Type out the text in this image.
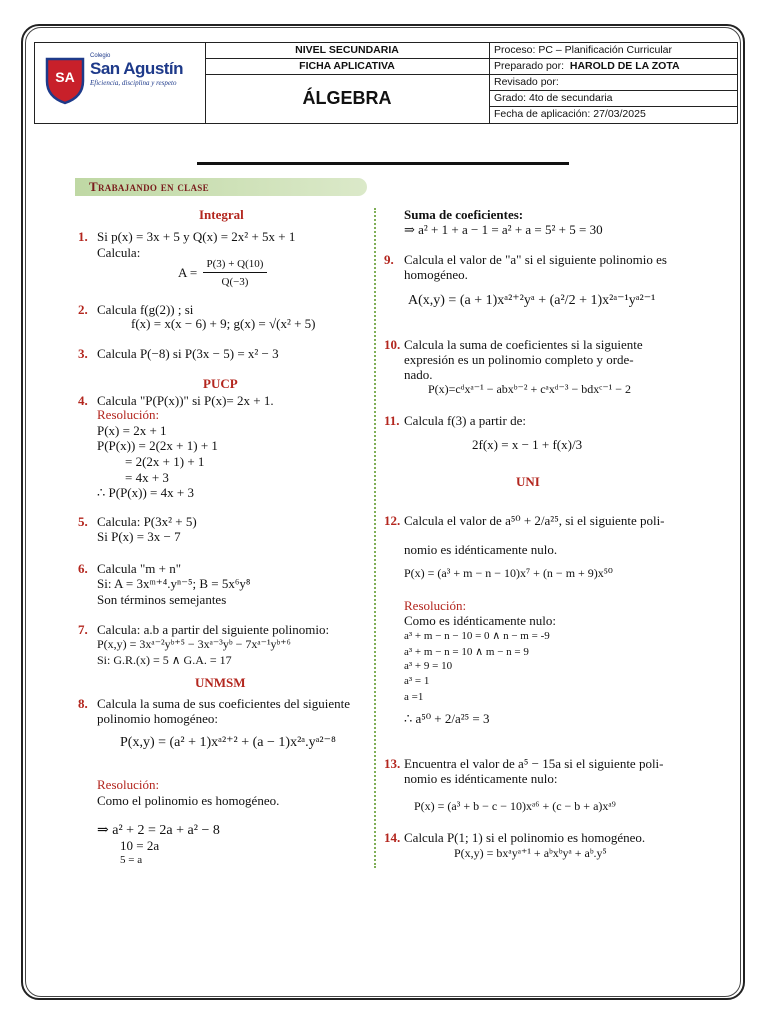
SA
Colegio
San Agustín
Eficiencia, disciplina y respeto
NIVEL SECUNDARIA
FICHA APLICATIVA
ÁLGEBRA
Proceso: PC – Planificación Curricular
Preparado por: HAROLD DE LA ZOTA
Revisado por:
Grado: 4to de secundaria
Fecha de aplicación: 27/03/2025
Trabajando en clase
Integral
1. Si p(x) = 3x + 5 y Q(x) = 2x² + 5x + 1
Calcula:
A =
P(3) + Q(10)
Q(−3)
2. Calcula f(g(2)) ; si
f(x) = x(x − 6) + 9; g(x) = √(x² + 5)
3. Calcula P(−8) si P(3x − 5) = x² − 3
PUCP
4. Calcula "P(P(x))" si P(x)= 2x + 1.
Resolución:
P(x) = 2x + 1
P(P(x)) = 2(2x + 1) + 1
= 2(2x + 1) + 1
= 4x + 3
∴ P(P(x)) = 4x + 3
5. Calcula: P(3x² + 5)
Si P(x) = 3x − 7
6. Calcula "m + n"
Si: A = 3xᵐ⁺⁴.yⁿ⁻⁵; B = 5x⁶y⁸
Son términos semejantes
7. Calcula: a.b a partir del siguiente polinomio:
P(x,y) = 3xᵃ⁻²yᵇ⁺⁵ − 3xᵃ⁻³yᵇ − 7xᵃ⁻¹yᵇ⁺⁶
Si: G.R.(x) = 5 ∧ G.A. = 17
UNMSM
8. Calcula la suma de sus coeficientes del siguiente
polinomio homogéneo:
P(x,y) = (a² + 1)xᵃ²⁺² + (a − 1)x²ᵃ.yᵃ²⁻⁸
Resolución:
Como el polinomio es homogéneo.
⇒ a² + 2 = 2a + a² − 8
10 = 2a
5 = a
Suma de coeficientes:
⇒ a² + 1 + a − 1 = a² + a = 5² + 5 = 30
9. Calcula el valor de "a" si el siguiente polinomio es
homogéneo.
A(x,y) = (a + 1)xᵃ²⁺²yᵃ + (a²/2 + 1)x²ᵃ⁻¹yᵃ²⁻¹
10. Calcula la suma de coeficientes si la siguiente
expresión es un polinomio completo y orde-
nado.
P(x)=cᵈxᵃ⁻¹ − abxᵇ⁻² + cᵃxᵈ⁻³ − bdxᶜ⁻¹ − 2
11. Calcula f(3) a partir de:
2f(x) = x − 1 + f(x)/3
UNI
12. Calcula el valor de a⁵⁰ + 2/a²⁵, si el siguiente poli-
nomio es idénticamente nulo.
P(x) = (a³ + m − n − 10)x⁷ + (n − m + 9)x⁵⁰
Resolución:
Como es idénticamente nulo:
a³ + m − n − 10 = 0 ∧ n − m = -9
a³ + m − n = 10 ∧ m − n = 9
a³ + 9 = 10
a³ = 1
a =1
∴ a⁵⁰ + 2/a²⁵ = 3
13. Encuentra el valor de a⁵ − 15a si el siguiente poli-
nomio es idénticamente nulo:
P(x) = (a³ + b − c − 10)xᵃ⁶ + (c − b + a)xᵃ⁹
14. Calcula P(1; 1) si el polinomio es homogéneo.
P(x,y) = bxᵃyᵃ⁺¹ + aᵇxᵇyᵃ + aᵇ.y⁵
